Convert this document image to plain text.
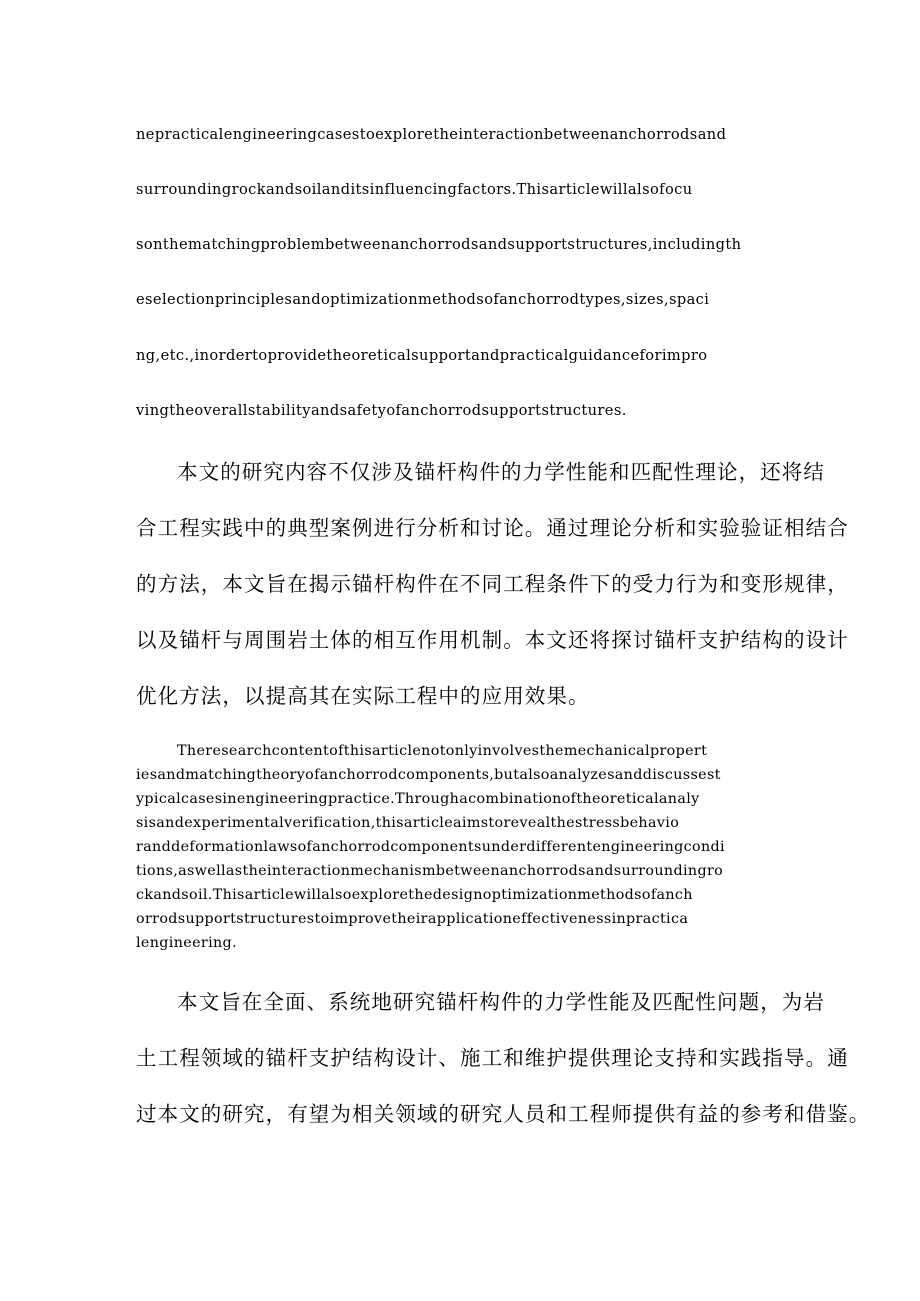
nepracticalengineeringcasestoexploretheinteractionbetweenanchorrodsand

surroundingrockandsoilanditsinfluencingfactors.Thisarticlewillalsofocu

sonthematchingproblembetweenanchorrodsandsupportstructures,includingth

eselectionprinciplesandoptimizationmethodsofanchorrodtypes,sizes,spaci

ng,etc.,inordertoprovidetheoreticalsupportandpracticalguidanceforimpro

vingtheoverallstabilityandsafetyofanchorrodsupportstructures.

本文的研究内容不仅涉及锚杆构件的力学性能和匹配性理论，还将结

合工程实践中的典型案例进行分析和讨论。通过理论分析和实验验证相结合

的方法，本文旨在揭示锚杆构件在不同工程条件下的受力行为和变形规律，

以及锚杆与周围岩土体的相互作用机制。本文还将探讨锚杆支护结构的设计

优化方法，以提高其在实际工程中的应用效果。

Theresearchcontentofthisarticlenotonlyinvolvesthemechanicalpropert

iesandmatchingtheoryofanchorrodcomponents,butalsoanalyzesanddiscussest

ypicalcasesinengineeringpractice.Throughacombinationoftheoreticalanaly

sisandexperimentalverification,thisarticleaimstorevealthestressbehavio

randdeformationlawsofanchorrodcomponentsunderdifferentengineeringcondi

tions,aswellastheinteractionmechanismbetweenanchorrodsandsurroundingro

ckandsoil.Thisarticlewillalsoexplorethedesignoptimizationmethodsofanch

orrodsupportstructurestoimprovetheirapplicationeffectivenessinpractica

lengineering.

本文旨在全面、系统地研究锚杆构件的力学性能及匹配性问题，为岩

土工程领域的锚杆支护结构设计、施工和维护提供理论支持和实践指导。通

过本文的研究，有望为相关领域的研究人员和工程师提供有益的参考和借鉴。
